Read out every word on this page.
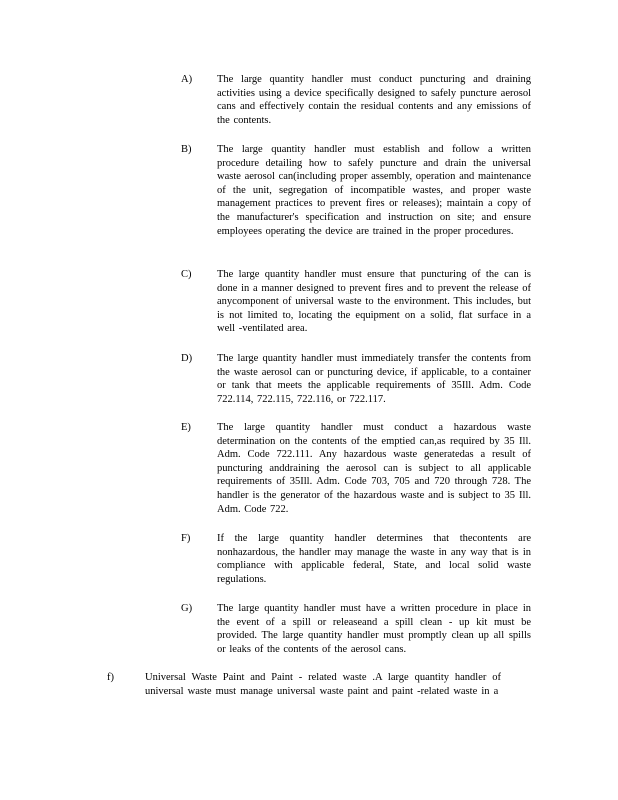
A) The large quantity handler must conduct puncturing and draining activities using a device specifically designed to safely puncture aerosol cans and effectively contain the residual contents and any emissions of the contents.
B) The large quantity handler must establish and follow a written procedure detailing how to safely puncture and drain the universal waste aerosol can(including proper assembly, operation and maintenance of the unit, segregation of incompatible wastes, and proper waste management practices to prevent fires or releases); maintain a copy of the manufacturer's specification and instruction on site; and ensure employees operating the device are trained in the proper procedures.
C) The large quantity handler must ensure that puncturing of the can is done in a manner designed to prevent fires and to prevent the release of anycomponent of universal waste to the environment. This includes, but is not limited to, locating the equipment on a solid, flat surface in a well -ventilated area.
D) The large quantity handler must immediately transfer the contents from the waste aerosol can or puncturing device, if applicable, to a container or tank that meets the applicable requirements of 35Ill. Adm. Code 722.114, 722.115, 722.116, or 722.117.
E) The large quantity handler must conduct a hazardous waste determination on the contents of the emptied can,as required by 35 Ill. Adm. Code 722.111. Any hazardous waste generatedas a result of puncturing anddraining the aerosol can is subject to all applicable requirements of 35Ill. Adm. Code 703, 705 and 720 through 728. The handler is the generator of the hazardous waste and is subject to 35 Ill. Adm. Code 722.
F)	If the large quantity handler determines that thecontents are nonhazardous, the handler may manage the waste in any way that is in compliance with applicable federal, State, and local solid waste regulations.
G) The large quantity handler must have a written procedure in place in the event of a spill or releaseand a spill clean - up kit must be provided. The large quantity handler must promptly clean up all spills or leaks of the contents of the aerosol cans.
f)	Universal Waste Paint and Paint - related waste .A large quantity handler of universal waste must manage universal waste paint and paint -related waste in a
